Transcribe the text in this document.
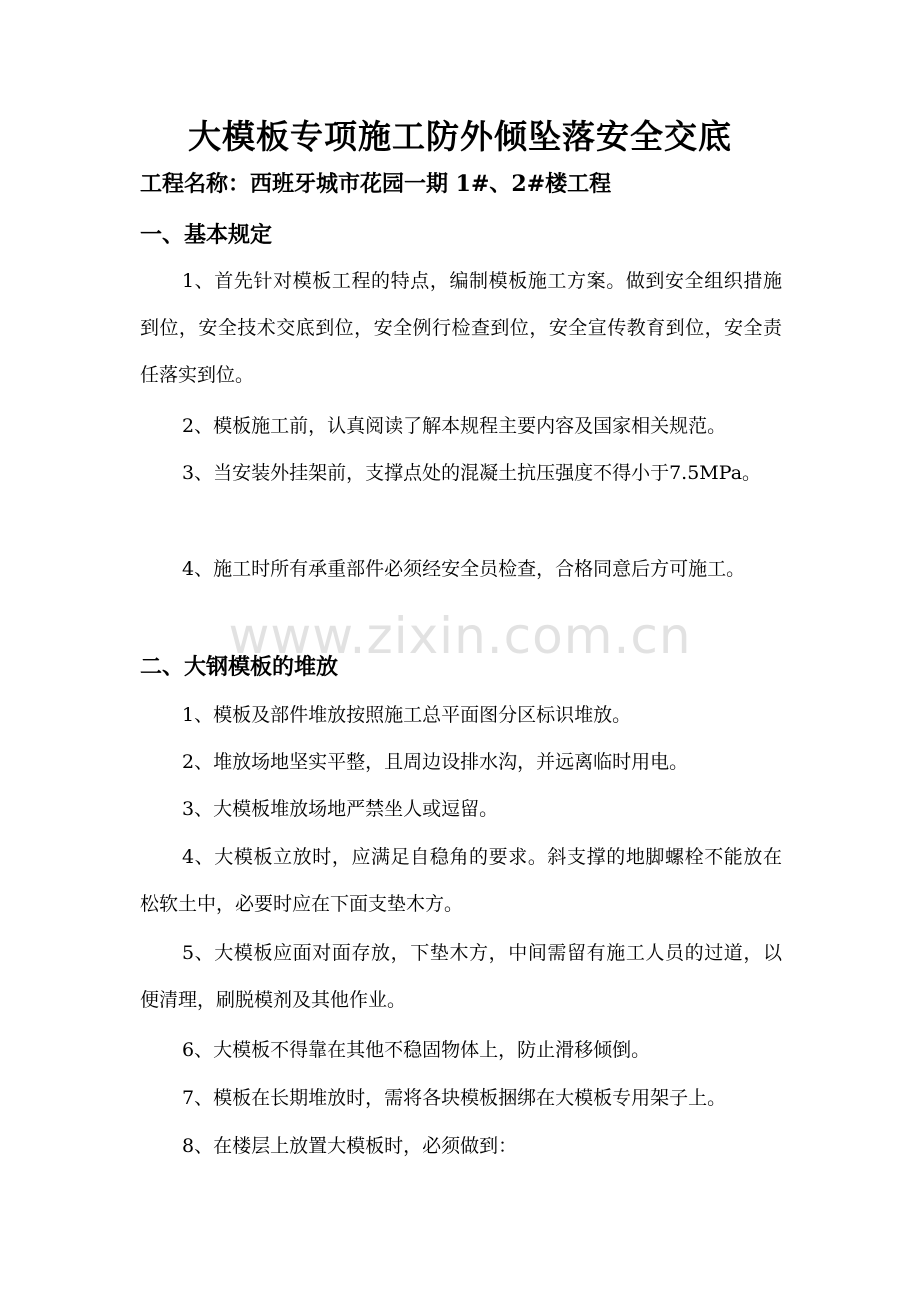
大模板专项施工防外倾坠落安全交底
工程名称：西班牙城市花园一期 1#、2#楼工程
一、基本规定
1、首先针对模板工程的特点，编制模板施工方案。做到安全组织措施到位，安全技术交底到位，安全例行检查到位，安全宣传教育到位，安全责任落实到位。
2、模板施工前，认真阅读了解本规程主要内容及国家相关规范。
3、当安装外挂架前，支撑点处的混凝土抗压强度不得小于7.5MPa。
4、施工时所有承重部件必须经安全员检查，合格同意后方可施工。
二、大钢模板的堆放
1、模板及部件堆放按照施工总平面图分区标识堆放。
2、堆放场地坚实平整，且周边设排水沟，并远离临时用电。
3、大模板堆放场地严禁坐人或逗留。
4、大模板立放时，应满足自稳角的要求。斜支撑的地脚螺栓不能放在松软土中，必要时应在下面支垫木方。
5、大模板应面对面存放，下垫木方，中间需留有施工人员的过道，以便清理，刷脱模剂及其他作业。
6、大模板不得靠在其他不稳固物体上，防止滑移倾倒。
7、模板在长期堆放时，需将各块模板捆绑在大模板专用架子上。
8、在楼层上放置大模板时，必须做到：
www.zixin.com.cn
